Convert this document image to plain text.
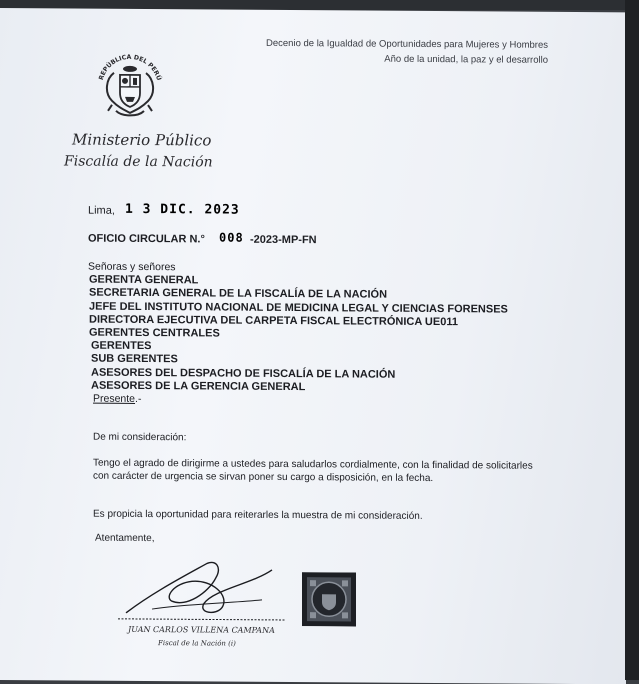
Decenio de la Igualdad de Oportunidades para Mujeres y Hombres
Año de la unidad, la paz y el desarrollo
REPÚBLICA DEL PERÚ
Ministerio Público
Fiscalía de la Nación
Lima, 1 3 DIC. 2023
OFICIO CIRCULAR N.° 008 -2023-MP-FN
Señoras y señores
GERENTA GENERAL
SECRETARIA GENERAL DE LA FISCALÍA DE LA NACIÓN
JEFE DEL INSTITUTO NACIONAL DE MEDICINA LEGAL Y CIENCIAS FORENSES
DIRECTORA EJECUTIVA DEL CARPETA FISCAL ELECTRÓNICA UE011
GERENTES CENTRALES
GERENTES
SUB GERENTES
ASESORES DEL DESPACHO DE FISCALÍA DE LA NACIÓN
ASESORES DE LA GERENCIA GENERAL
Presente.-
De mi consideración:
Tengo el agrado de dirigirme a ustedes para saludarlos cordialmente, con la finalidad de solicitarles con carácter de urgencia se sirvan poner su cargo a disposición, en la fecha.
Es propicia la oportunidad para reiterarles la muestra de mi consideración.
Atentamente,
JUAN CARLOS VILLENA CAMPANA
Fiscal de la Nación (i)
